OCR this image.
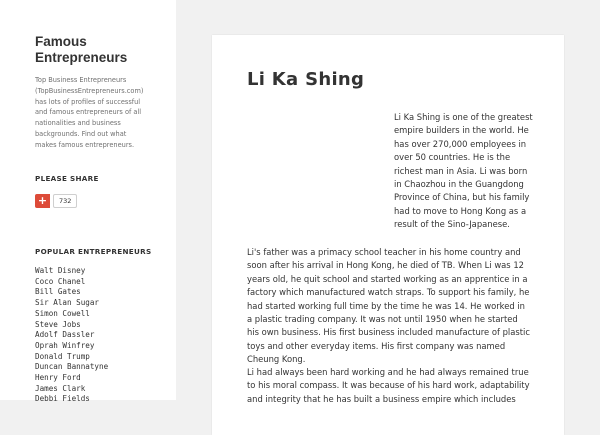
Famous Entrepreneurs

Top Business Entrepreneurs (TopBusinessEntrepreneurs.com) has lots of profiles of successful and famous entrepreneurs of all nationalities and business backgrounds. Find out what makes famous entrepreneurs.

PLEASE SHARE
+	732
POPULAR ENTREPRENEURS
Walt Disney
Coco Chanel
Bill Gates
Sir Alan Sugar
Simon Cowell
Steve Jobs
Adolf Dassler
Oprah Winfrey
Donald Trump
Duncan Bannatyne
Henry Ford
James Clark
Debbi Fields
Li Ka Shing

Li Ka Shing is one of the greatest empire builders in the world. He has over 270,000 employees in over 50 countries. He is the richest man in Asia. Li was born in Chaozhou in the Guangdong Province of China, but his family had to move to Hong Kong as a result of the Sino-Japanese.

Li's father was a primacy school teacher in his home country and soon after his arrival in Hong Kong, he died of TB. When Li was 12 years old, he quit school and started working as an apprentice in a factory which manufactured watch straps. To support his family, he had started working full time by the time he was 14. He worked in a plastic trading company. It was not until 1950 when he started his own business. His first business included manufacture of plastic toys and other everyday items. His first company was named Cheung Kong.

Li had always been hard working and he had always remained true to his moral compass. It was because of his hard work, adaptability and integrity that he has built a business empire which includes
